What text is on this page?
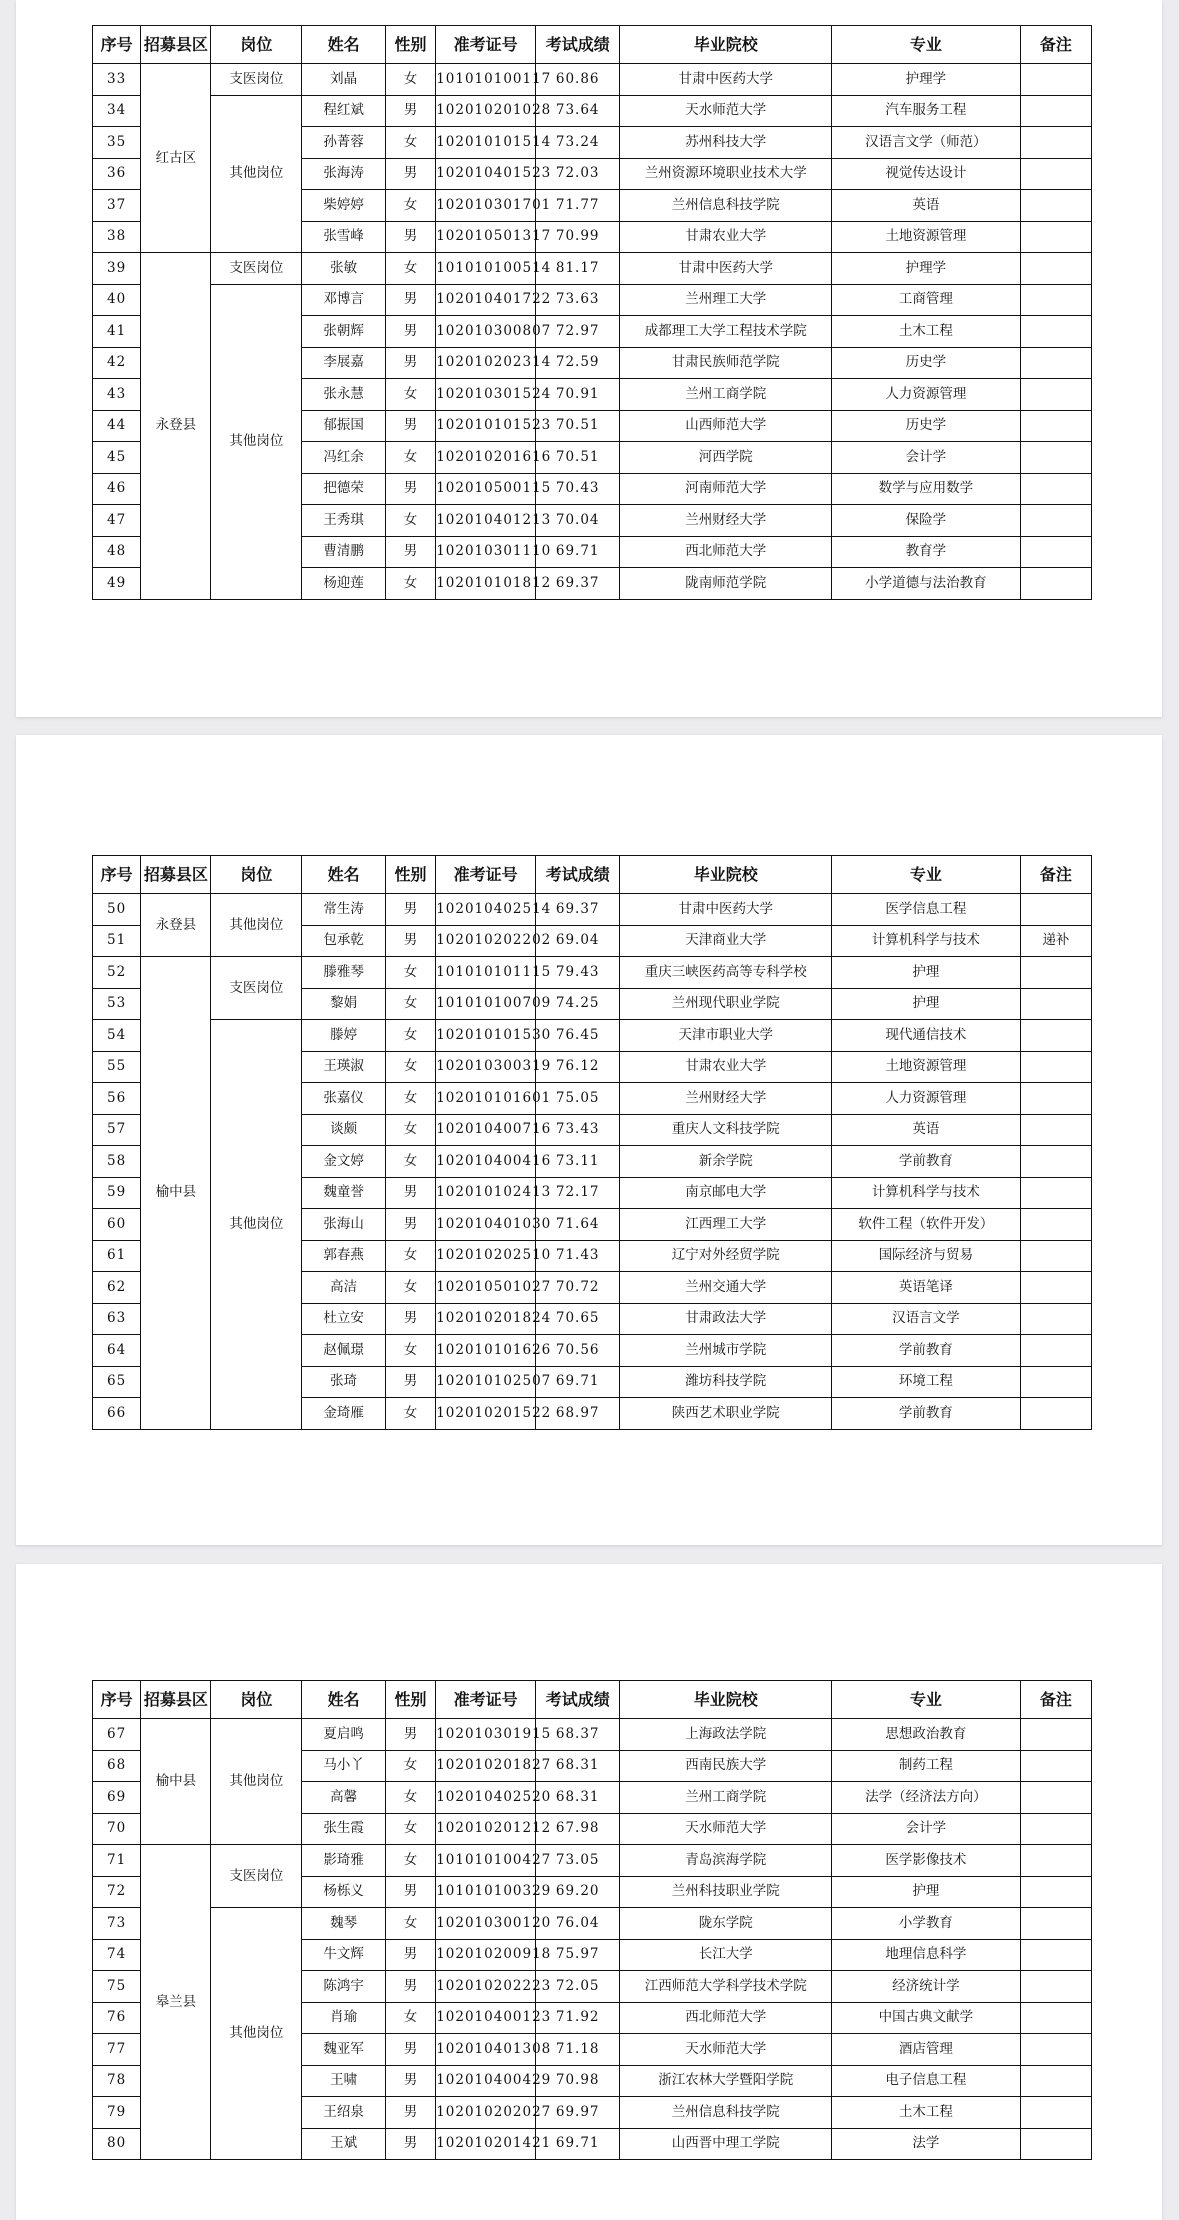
序号	招募县区	岗位	姓名	性别	准考证号	考试成绩	毕业院校	专业	备注
33	红古区	支医岗位	刘晶	女	101010100117	60.86	甘肃中医药大学	护理学	
34		其他岗位	程红斌	男	102010201028	73.64	天水师范大学	汽车服务工程	
35			孙菁蓉	女	102010101514	73.24	苏州科技大学	汉语言文学（师范）	
36			张海涛	男	102010401523	72.03	兰州资源环境职业技术大学	视觉传达设计	
37			柴婷婷	女	102010301701	71.77	兰州信息科技学院	英语	
38			张雪峰	男	102010501317	70.99	甘肃农业大学	土地资源管理	
39	永登县	支医岗位	张敏	女	101010100514	81.17	甘肃中医药大学	护理学	
40		其他岗位	邓博言	男	102010401722	73.63	兰州理工大学	工商管理	
41			张朝辉	男	102010300807	72.97	成都理工大学工程技术学院	土木工程	
42			李展嘉	男	102010202314	72.59	甘肃民族师范学院	历史学	
43			张永慧	女	102010301524	70.91	兰州工商学院	人力资源管理	
44			郁振国	男	102010101523	70.51	山西师范大学	历史学	
45			冯红余	女	102010201616	70.51	河西学院	会计学	
46			把德荣	男	102010500115	70.43	河南师范大学	数学与应用数学	
47			王秀琪	女	102010401213	70.04	兰州财经大学	保险学	
48			曹清鹏	男	102010301110	69.71	西北师范大学	教育学	
49			杨迎莲	女	102010101812	69.37	陇南师范学院	小学道德与法治教育	
序号	招募县区	岗位	姓名	性别	准考证号	考试成绩	毕业院校	专业	备注
50	永登县	其他岗位	常生涛	男	102010402514	69.37	甘肃中医药大学	医学信息工程	
51			包承乾	男	102010202202	69.04	天津商业大学	计算机科学与技术	递补
52	榆中县	支医岗位	滕雅琴	女	101010101115	79.43	重庆三峡医药高等专科学校	护理	
53			黎娟	女	101010100709	74.25	兰州现代职业学院	护理	
54		其他岗位	滕婷	女	102010101530	76.45	天津市职业大学	现代通信技术	
55			王瑛淑	女	102010300319	76.12	甘肃农业大学	土地资源管理	
56			张嘉仪	女	102010101601	75.05	兰州财经大学	人力资源管理	
57			谈颇	女	102010400716	73.43	重庆人文科技学院	英语	
58			金文婷	女	102010400416	73.11	新余学院	学前教育	
59			魏童誉	男	102010102413	72.17	南京邮电大学	计算机科学与技术	
60			张海山	男	102010401030	71.64	江西理工大学	软件工程（软件开发）	
61			郭春燕	女	102010202510	71.43	辽宁对外经贸学院	国际经济与贸易	
62			高洁	女	102010501027	70.72	兰州交通大学	英语笔译	
63			杜立安	男	102010201824	70.65	甘肃政法大学	汉语言文学	
64			赵佩璟	女	102010101626	70.56	兰州城市学院	学前教育	
65			张琦	男	102010102507	69.71	潍坊科技学院	环境工程	
66			金琦雁	女	102010201522	68.97	陕西艺术职业学院	学前教育	
序号	招募县区	岗位	姓名	性别	准考证号	考试成绩	毕业院校	专业	备注
67	榆中县	其他岗位	夏启鸣	男	102010301915	68.37	上海政法学院	思想政治教育	
68			马小丫	女	102010201827	68.31	西南民族大学	制药工程	
69			高馨	女	102010402520	68.31	兰州工商学院	法学（经济法方向）	
70			张生霞	女	102010201212	67.98	天水师范大学	会计学	
71	皋兰县	支医岗位	影琦雅	女	101010100427	73.05	青岛滨海学院	医学影像技术	
72			杨栎义	男	101010100329	69.20	兰州科技职业学院	护理	
73		其他岗位	魏琴	女	102010300120	76.04	陇东学院	小学教育	
74			牛文辉	男	102010200918	75.97	长江大学	地理信息科学	
75			陈鸿宇	男	102010202223	72.05	江西师范大学科学技术学院	经济统计学	
76			肖瑜	女	102010400123	71.92	西北师范大学	中国古典文献学	
77			魏亚军	男	102010401308	71.18	天水师范大学	酒店管理	
78			王啸	男	102010400429	70.98	浙江农林大学暨阳学院	电子信息工程	
79			王绍泉	男	102010202027	69.97	兰州信息科技学院	土木工程	
80			王斌	男	102010201421	69.71	山西晋中理工学院	法学	
